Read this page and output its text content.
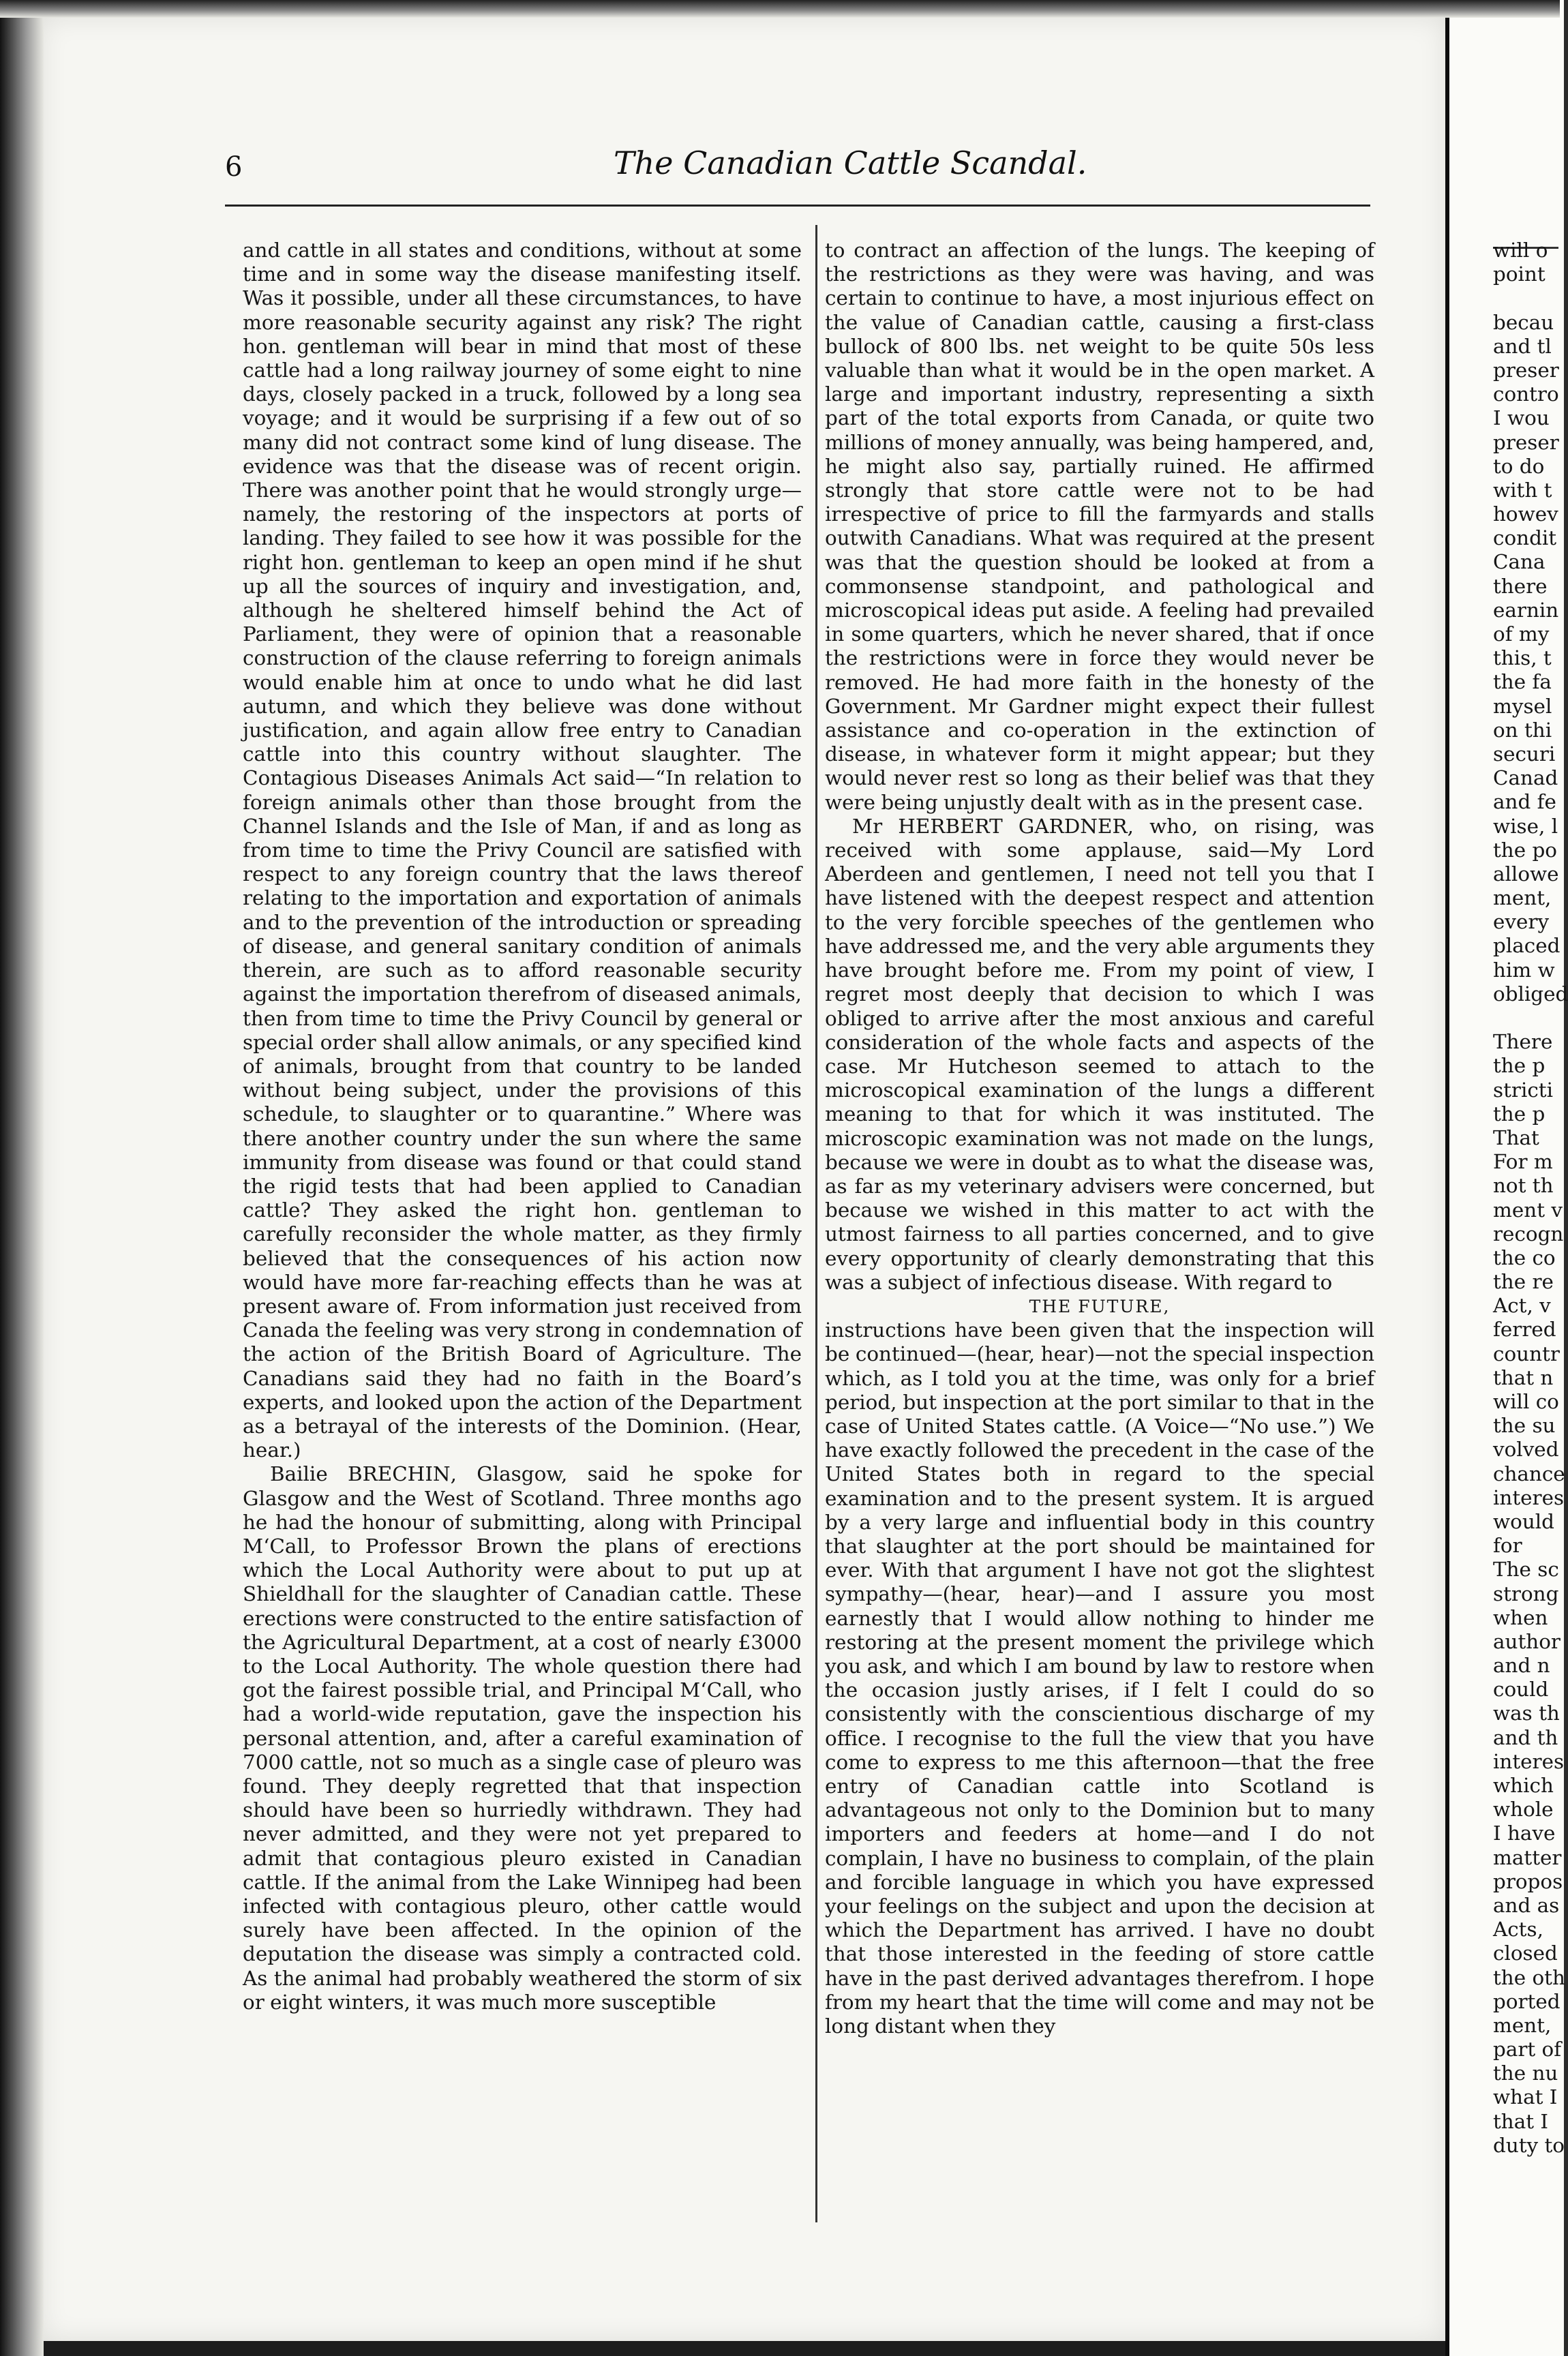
6	The Canadian Cattle Scandal.

and cattle in all states and conditions, without at some time and in some way the disease manifesting itself. Was it possible, under all these circumstances, to have more reasonable security against any risk? The right hon. gentleman will bear in mind that most of these cattle had a long railway journey of some eight to nine days, closely packed in a truck, followed by a long sea voyage; and it would be surprising if a few out of so many did not contract some kind of lung disease. The evidence was that the disease was of recent origin. There was another point that he would strongly urge—namely, the restoring of the inspectors at ports of landing. They failed to see how it was possible for the right hon. gentleman to keep an open mind if he shut up all the sources of inquiry and investigation, and, although he sheltered himself behind the Act of Parliament, they were of opinion that a reasonable construction of the clause referring to foreign animals would enable him at once to undo what he did last autumn, and which they believe was done without justification, and again allow free entry to Canadian cattle into this country without slaughter. The Contagious Diseases Animals Act said—“In relation to foreign animals other than those brought from the Channel Islands and the Isle of Man, if and as long as from time to time the Privy Council are satisfied with respect to any foreign country that the laws thereof relating to the importation and exportation of animals and to the prevention of the introduction or spreading of disease, and general sanitary condition of animals therein, are such as to afford reasonable security against the importation therefrom of diseased animals, then from time to time the Privy Council by general or special order shall allow animals, or any specified kind of animals, brought from that country to be landed without being subject, under the provisions of this schedule, to slaughter or to quarantine.” Where was there another country under the sun where the same immunity from disease was found or that could stand the rigid tests that had been applied to Canadian cattle? They asked the right hon. gentleman to carefully reconsider the whole matter, as they firmly believed that the consequences of his action now would have more far-reaching effects than he was at present aware of. From information just received from Canada the feeling was very strong in condemnation of the action of the British Board of Agriculture. The Canadians said they had no faith in the Board’s experts, and looked upon the action of the Department as a betrayal of the interests of the Dominion. (Hear, hear.)

Bailie BRECHIN, Glasgow, said he spoke for Glasgow and the West of Scotland. Three months ago he had the honour of submitting, along with Principal M‘Call, to Professor Brown the plans of erections which the Local Authority were about to put up at Shieldhall for the slaughter of Canadian cattle. These erections were constructed to the entire satisfaction of the Agricultural Department, at a cost of nearly £3000 to the Local Authority. The whole question there had got the fairest possible trial, and Principal M‘Call, who had a world-wide reputation, gave the inspection his personal attention, and, after a careful examination of 7000 cattle, not so much as a single case of pleuro was found. They deeply regretted that that inspection should have been so hurriedly withdrawn. They had never admitted, and they were not yet prepared to admit that contagious pleuro existed in Canadian cattle. If the animal from the Lake Winnipeg had been infected with contagious pleuro, other cattle would surely have been affected. In the opinion of the deputation the disease was simply a contracted cold. As the animal had probably weathered the storm of six or eight winters, it was much more susceptible

to contract an affection of the lungs. The keeping of the restrictions as they were was having, and was certain to continue to have, a most injurious effect on the value of Canadian cattle, causing a first-class bullock of 800 lbs. net weight to be quite 50s less valuable than what it would be in the open market. A large and important industry, representing a sixth part of the total exports from Canada, or quite two millions of money annually, was being hampered, and, he might also say, partially ruined. He affirmed strongly that store cattle were not to be had irrespective of price to fill the farmyards and stalls outwith Canadians. What was required at the present was that the question should be looked at from a commonsense standpoint, and pathological and microscopical ideas put aside. A feeling had prevailed in some quarters, which he never shared, that if once the restrictions were in force they would never be removed. He had more faith in the honesty of the Government. Mr Gardner might expect their fullest assistance and co-operation in the extinction of disease, in whatever form it might appear; but they would never rest so long as their belief was that they were being unjustly dealt with as in the present case.

Mr HERBERT GARDNER, who, on rising, was received with some applause, said—My Lord Aberdeen and gentlemen, I need not tell you that I have listened with the deepest respect and attention to the very forcible speeches of the gentlemen who have addressed me, and the very able arguments they have brought before me. From my point of view, I regret most deeply that decision to which I was obliged to arrive after the most anxious and careful consideration of the whole facts and aspects of the case. Mr Hutcheson seemed to attach to the microscopical examination of the lungs a different meaning to that for which it was instituted. The microscopic examination was not made on the lungs, because we were in doubt as to what the disease was, as far as my veterinary advisers were concerned, but because we wished in this matter to act with the utmost fairness to all parties concerned, and to give every opportunity of clearly demonstrating that this was a subject of infectious disease. With regard to

THE FUTURE,

instructions have been given that the inspection will be continued—(hear, hear)—not the special inspection which, as I told you at the time, was only for a brief period, but inspection at the port similar to that in the case of United States cattle. (A Voice—“No use.”) We have exactly followed the precedent in the case of the United States both in regard to the special examination and to the present system. It is argued by a very large and influential body in this country that slaughter at the port should be maintained for ever. With that argument I have not got the slightest sympathy—(hear, hear)—and I assure you most earnestly that I would allow nothing to hinder me restoring at the present moment the privilege which you ask, and which I am bound by law to restore when the occasion justly arises, if I felt I could do so consistently with the conscientious discharge of my office. I recognise to the full the view that you have come to express to me this afternoon—that the free entry of Canadian cattle into Scotland is advantageous not only to the Dominion but to many importers and feeders at home—and I do not complain, I have no business to complain, of the plain and forcible language in which you have expressed your feelings on the subject and upon the decision at which the Department has arrived. I have no doubt that those interested in the feeding of store cattle have in the past derived advantages therefrom. I hope from my heart that the time will come and may not be long distant when they

will o
point
becau
and tl
preser
contro
I wou
preser
to do
with t
howev
condit
Cana
there
earnin
of my
this, t
the fa
mysel
on thi
securi
Canad
and fe
wise, l
the po
allowe
ment,
every
placed
him w
obliged
There
the p
stricti
the p
That
For m
not th
ment v
recogn
the co
the re
Act, v
ferred
countr
that n
will co
the su
volved
chance
interes
would
for
The sc
strong
when
author
and n
could
was th
and th
interes
which
whole
I have
matter
propos
and as
Acts,
closed
the oth
ported
ment,
part of
the nu
what I
that I
duty to
